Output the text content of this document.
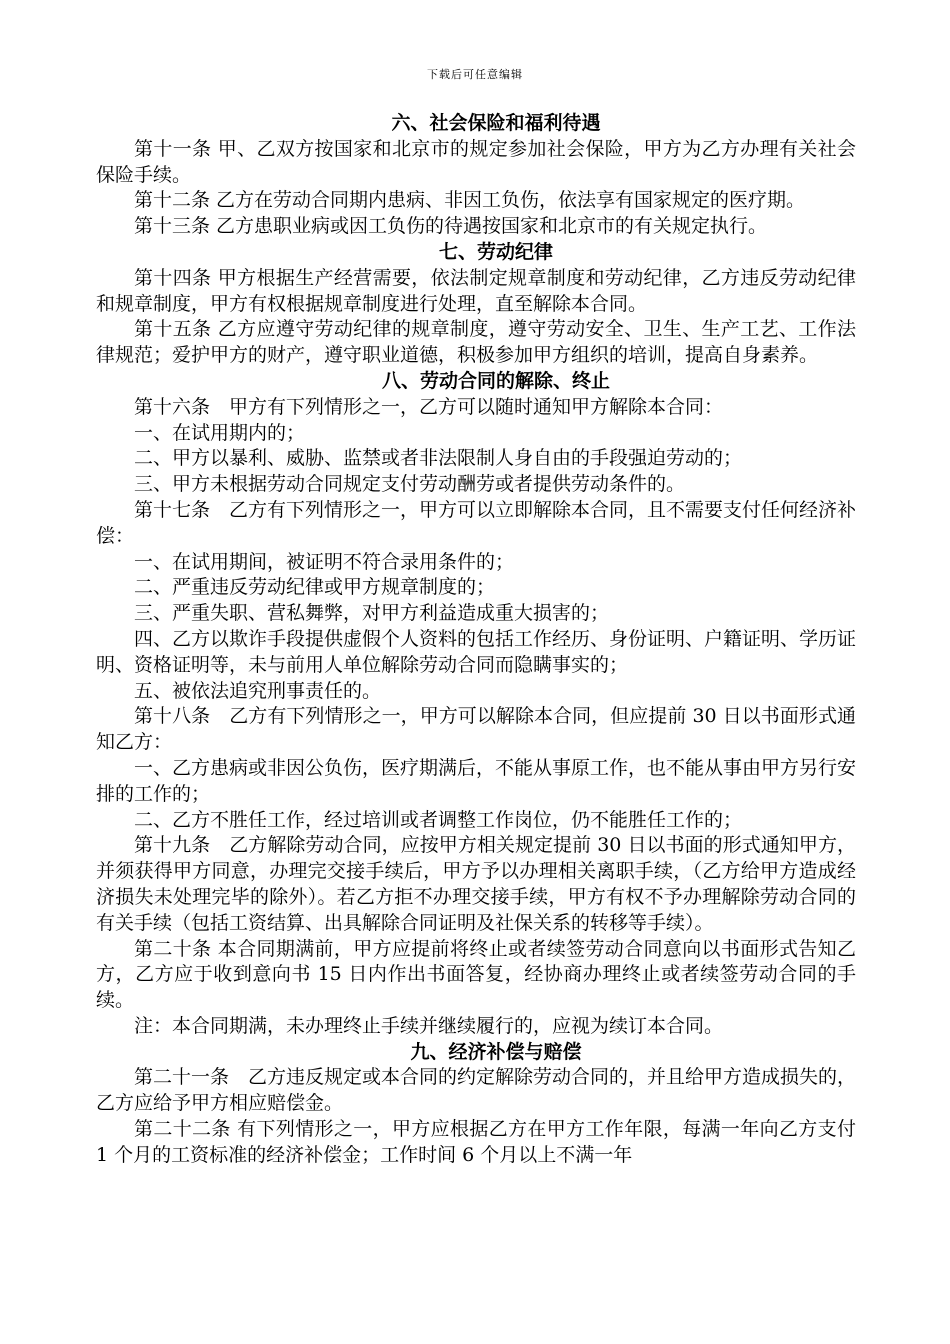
下载后可任意编辑
六、社会保险和福利待遇

第十一条 甲、乙双方按国家和北京市的规定参加社会保险，甲方为乙方办理有关社会保险手续。

第十二条 乙方在劳动合同期内患病、非因工负伤，依法享有国家规定的医疗期。

第十三条 乙方患职业病或因工负伤的待遇按国家和北京市的有关规定执行。

七、劳动纪律

第十四条 甲方根据生产经营需要，依法制定规章制度和劳动纪律，乙方违反劳动纪律和规章制度，甲方有权根据规章制度进行处理，直至解除本合同。

第十五条 乙方应遵守劳动纪律的规章制度，遵守劳动安全、卫生、生产工艺、工作法律规范；爱护甲方的财产，遵守职业道德，积极参加甲方组织的培训，提高自身素养。

八、劳动合同的解除、终止

第十六条　甲方有下列情形之一，乙方可以随时通知甲方解除本合同：

一、在试用期内的；

二、甲方以暴利、威胁、监禁或者非法限制人身自由的手段强迫劳动的；

三、甲方未根据劳动合同规定支付劳动酬劳或者提供劳动条件的。

第十七条　乙方有下列情形之一，甲方可以立即解除本合同，且不需要支付任何经济补偿：

一、在试用期间，被证明不符合录用条件的；

二、严重违反劳动纪律或甲方规章制度的；

三、严重失职、营私舞弊，对甲方利益造成重大损害的；

四、乙方以欺诈手段提供虚假个人资料的包括工作经历、身份证明、户籍证明、学历证明、资格证明等，未与前用人单位解除劳动合同而隐瞒事实的；

五、被依法追究刑事责任的。

第十八条　乙方有下列情形之一，甲方可以解除本合同，但应提前 30 日以书面形式通知乙方：

一、乙方患病或非因公负伤，医疗期满后，不能从事原工作，也不能从事由甲方另行安排的工作的；

二、乙方不胜任工作，经过培训或者调整工作岗位，仍不能胜任工作的；

第十九条　乙方解除劳动合同，应按甲方相关规定提前 30 日以书面的形式通知甲方，并须获得甲方同意，办理完交接手续后，甲方予以办理相关离职手续，（乙方给甲方造成经济损失未处理完毕的除外）。若乙方拒不办理交接手续，甲方有权不予办理解除劳动合同的有关手续（包括工资结算、出具解除合同证明及社保关系的转移等手续）。

第二十条 本合同期满前，甲方应提前将终止或者续签劳动合同意向以书面形式告知乙方，乙方应于收到意向书 15 日内作出书面答复，经协商办理终止或者续签劳动合同的手续。

注：本合同期满，未办理终止手续并继续履行的，应视为续订本合同。

九、经济补偿与赔偿

第二十一条　乙方违反规定或本合同的约定解除劳动合同的，并且给甲方造成损失的，乙方应给予甲方相应赔偿金。

第二十二条 有下列情形之一，甲方应根据乙方在甲方工作年限，每满一年向乙方支付 1 个月的工资标准的经济补偿金；工作时间 6 个月以上不满一年
